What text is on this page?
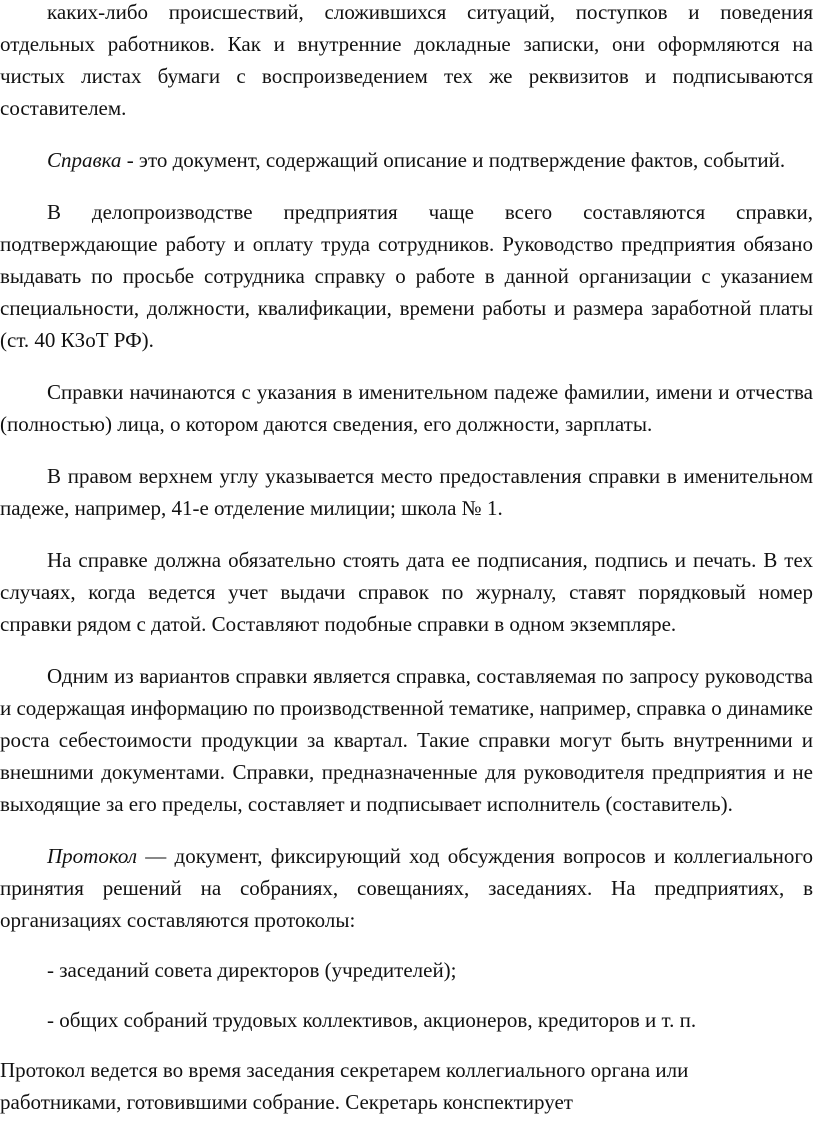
каких-либо происшествий, сложившихся ситуаций, поступков и поведения отдельных работников. Как и внутренние докладные записки, они оформляются на чистых листах бумаги с воспроизведением тех же реквизитов и подписываются составителем.

Справка - это документ, содержащий описание и подтверждение фактов, событий.

В делопроизводстве предприятия чаще всего составляются справки, подтверждающие работу и оплату труда сотрудников. Руководство предприятия обязано выдавать по просьбе сотрудника справку о работе в данной организации с указанием специальности, должности, квалификации, времени работы и размера заработной платы (ст. 40 КЗоТ РФ).

Справки начинаются с указания в именительном падеже фамилии, имени и отчества (полностью) лица, о котором даются сведения, его должности, зарплаты.

В правом верхнем углу указывается место предоставления справки в именительном падеже, например, 41-е отделение милиции; школа № 1.

На справке должна обязательно стоять дата ее подписания, подпись и печать. В тех случаях, когда ведется учет выдачи справок по журналу, ставят порядковый номер справки рядом с датой. Составляют подобные справки в одном экземпляре.

Одним из вариантов справки является справка, составляемая по запросу руководства и содержащая информацию по производственной тематике, например, справка о динамике роста себестоимости продукции за квартал. Такие справки могут быть внутренними и внешними документами. Справки, предназначенные для руководителя предприятия и не выходящие за его пределы, составляет и подписывает исполнитель (составитель).

Протокол — документ, фиксирующий ход обсуждения вопросов и коллегиального принятия решений на собраниях, совещаниях, заседаниях. На предприятиях, в организациях составляются протоколы:

- заседаний совета директоров (учредителей);

- общих собраний трудовых коллективов, акционеров, кредиторов и т. п.

Протокол ведется во время заседания секретарем коллегиального органа или работниками, готовившими собрание. Секретарь конспектирует
